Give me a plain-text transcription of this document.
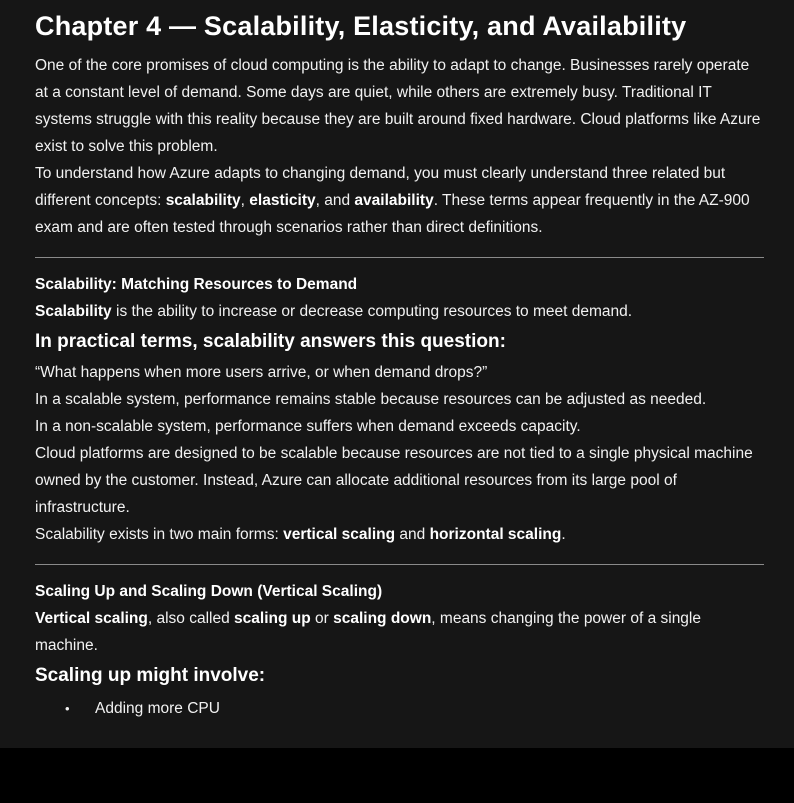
Chapter 4 — Scalability, Elasticity, and Availability
One of the core promises of cloud computing is the ability to adapt to change. Businesses rarely operate at a constant level of demand. Some days are quiet, while others are extremely busy. Traditional IT systems struggle with this reality because they are built around fixed hardware. Cloud platforms like Azure exist to solve this problem.
To understand how Azure adapts to changing demand, you must clearly understand three related but different concepts: scalability, elasticity, and availability. These terms appear frequently in the AZ-900 exam and are often tested through scenarios rather than direct definitions.
Scalability: Matching Resources to Demand
Scalability is the ability to increase or decrease computing resources to meet demand.
In practical terms, scalability answers this question:
“What happens when more users arrive, or when demand drops?”
In a scalable system, performance remains stable because resources can be adjusted as needed.
In a non-scalable system, performance suffers when demand exceeds capacity.
Cloud platforms are designed to be scalable because resources are not tied to a single physical machine owned by the customer. Instead, Azure can allocate additional resources from its large pool of infrastructure.
Scalability exists in two main forms: vertical scaling and horizontal scaling.
Scaling Up and Scaling Down (Vertical Scaling)
Vertical scaling, also called scaling up or scaling down, means changing the power of a single machine.
Scaling up might involve:
•	Adding more CPU
